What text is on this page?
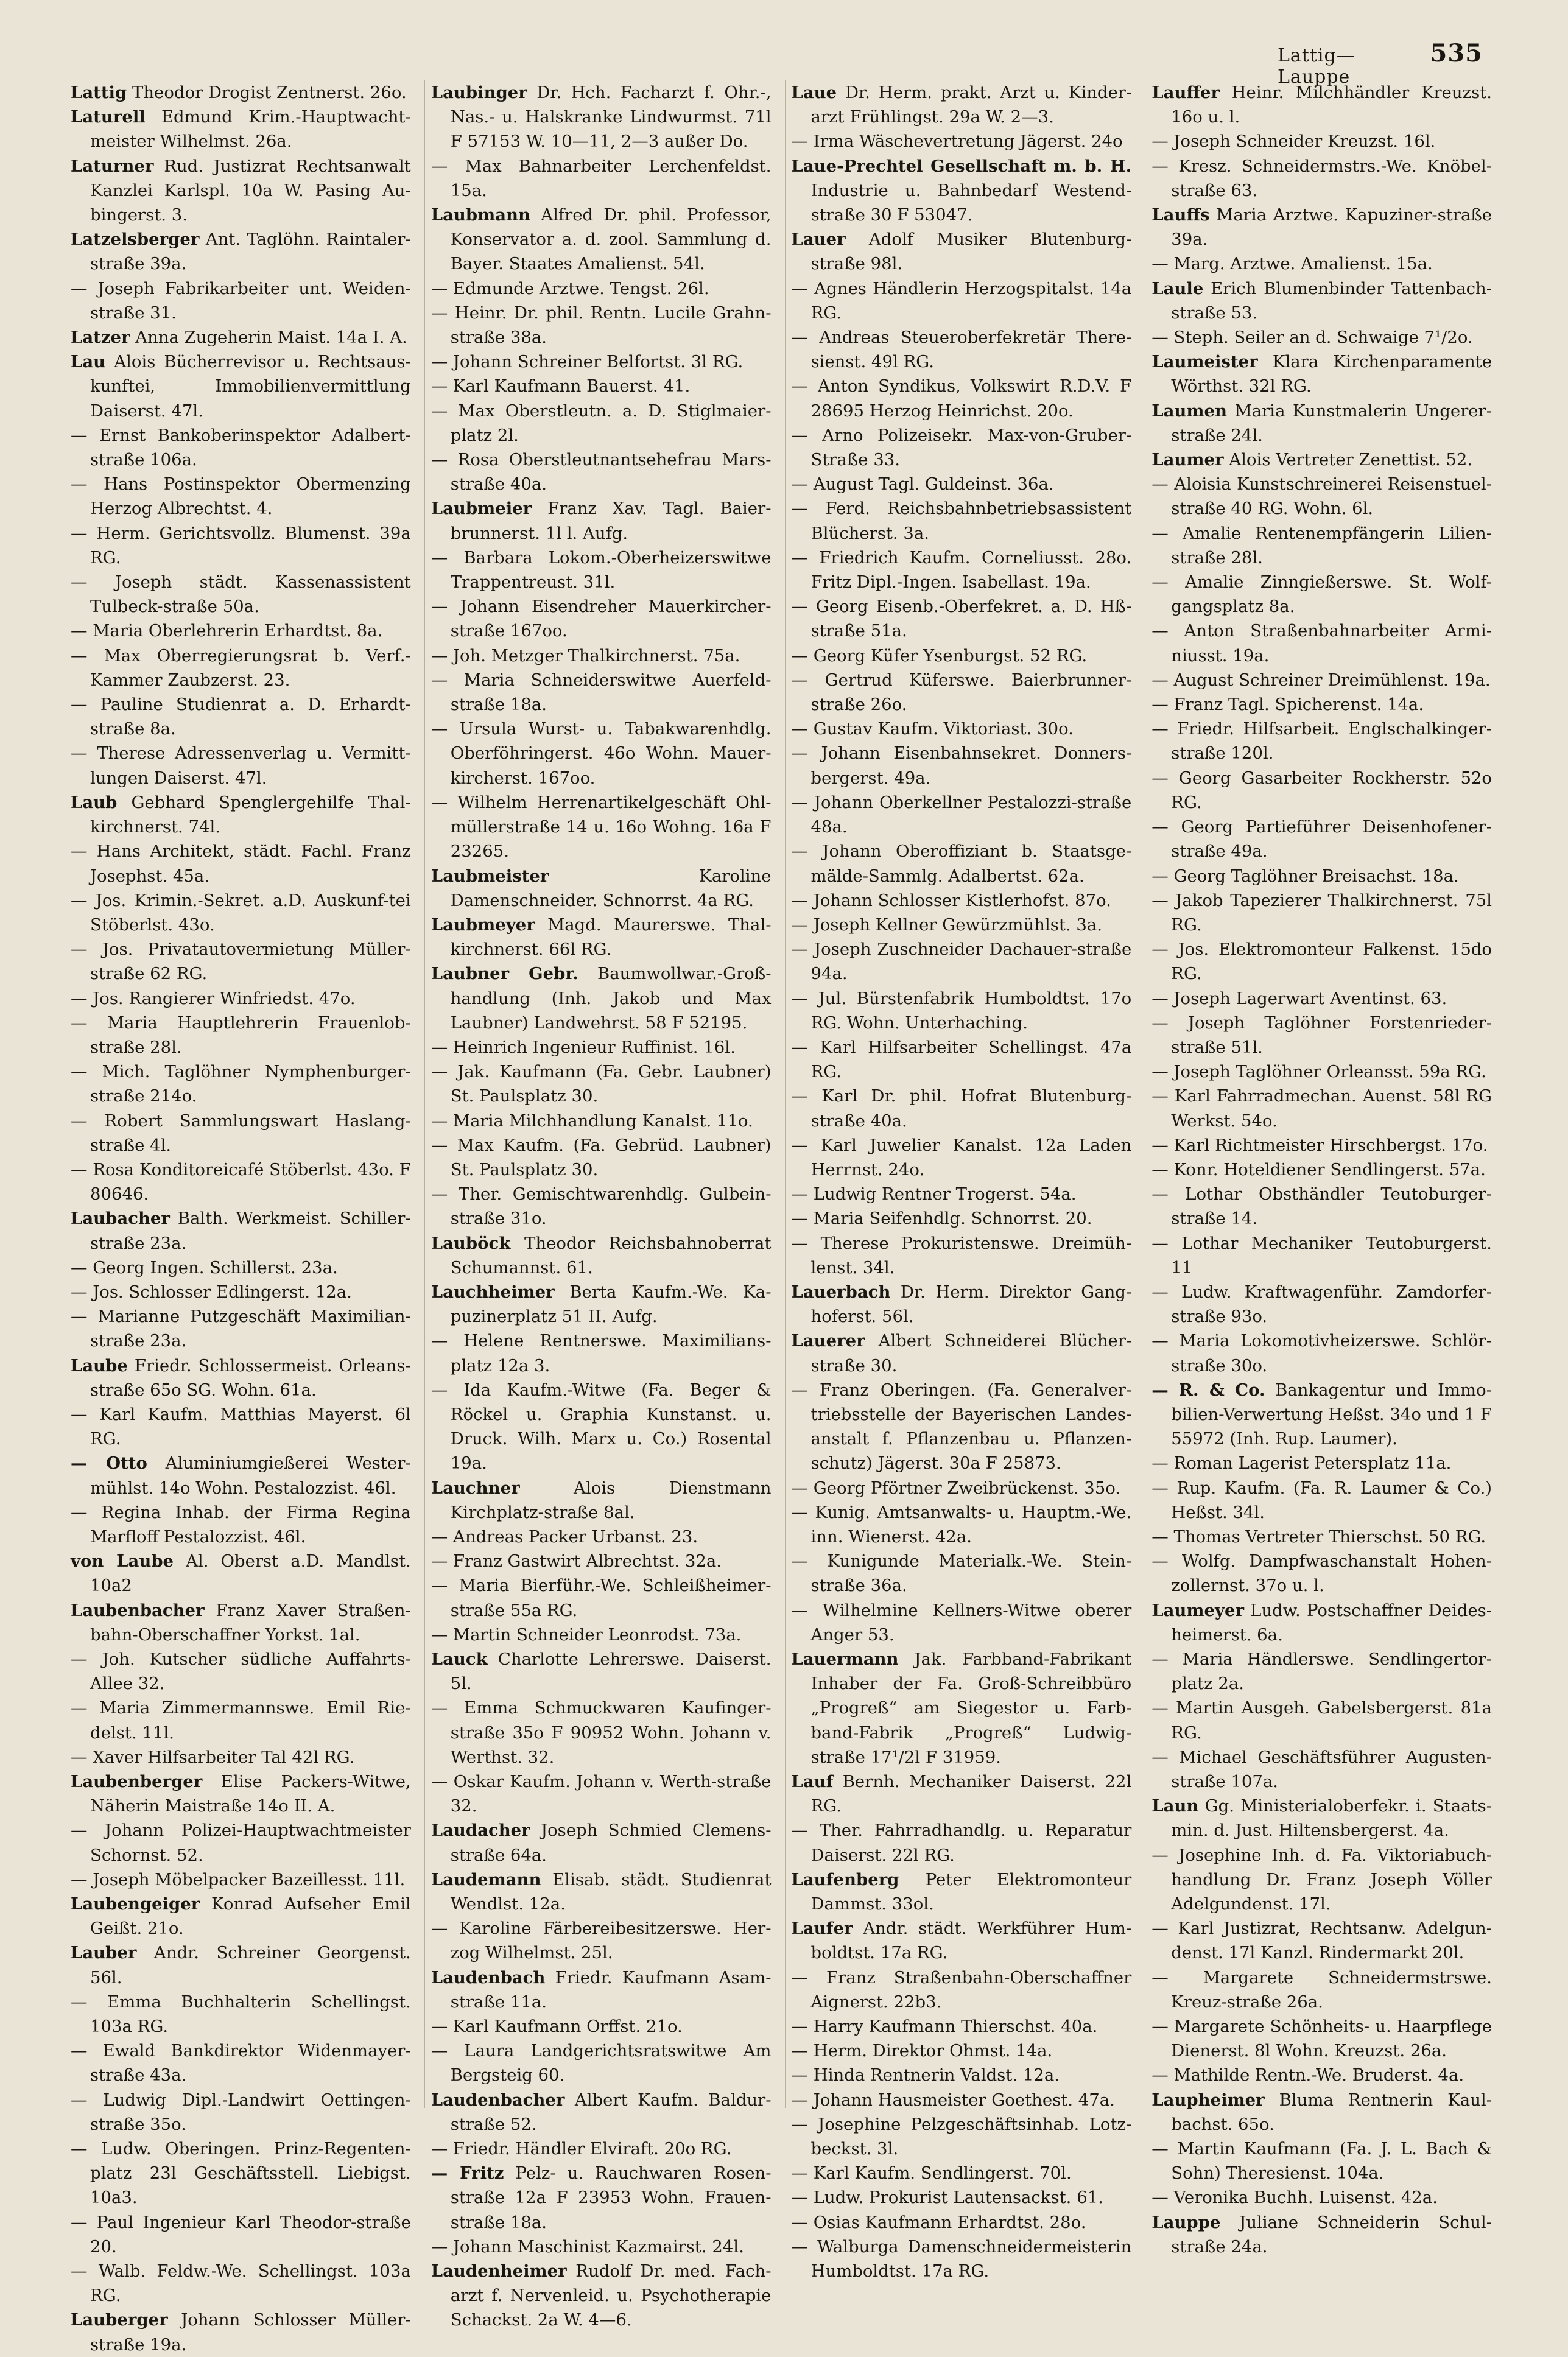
Lattig—Lauppe
535
Lattig Theodor Drogist Zentnerst. 26o.
Laturell Edmund Krim.-Hauptwacht-meister Wilhelmst. 26a.
Laturner Rud. Justizrat Rechtsanwalt Kanzlei Karlspl. 10a W. Pasing Au-bingerst. 3.
Latzelsberger Ant. Taglöhn. Raintaler-straße 39a.
— Joseph Fabrikarbeiter unt. Weiden-straße 31.
Latzer Anna Zugeherin Maist. 14a I. A.
Lau Alois Bücherrevisor u. Rechtsaus-kunftei, Immobilienvermittlung Daiserst. 47l.
— Ernst Bankoberinspektor Adalbert-straße 106a.
— Hans Postinspektor Obermenzing Herzog Albrechtst. 4.
— Herm. Gerichtsvollz. Blumenst. 39a RG.
— Joseph städt. Kassenassistent Tulbeck-straße 50a.
— Maria Oberlehrerin Erhardtst. 8a.
— Max Oberregierungsrat b. Verf.-Kammer Zaubzerst. 23.
— Pauline Studienrat a. D. Erhardt-straße 8a.
— Therese Adressenverlag u. Vermitt-lungen Daiserst. 47l.
Laub Gebhard Spenglergehilfe Thal-kirchnerst. 74l.
— Hans Architekt, städt. Fachl. Franz Josephst. 45a.
— Jos. Krimin.-Sekret. a.D. Auskunf-tei Stöberlst. 43o.
— Jos. Privatautovermietung Müller-straße 62 RG.
— Jos. Rangierer Winfriedst. 47o.
— Maria Hauptlehrerin Frauenlob-straße 28l.
— Mich. Taglöhner Nymphenburger-straße 214o.
— Robert Sammlungswart Haslang-straße 4l.
— Rosa Konditoreicafé Stöberlst. 43o. F 80646.
Laubacher Balth. Werkmeist. Schiller-straße 23a.
— Georg Ingen. Schillerst. 23a.
— Jos. Schlosser Edlingerst. 12a.
— Marianne Putzgeschäft Maximilian-straße 23a.
Laube Friedr. Schlossermeist. Orleans-straße 65o SG. Wohn. 61a.
— Karl Kaufm. Matthias Mayerst. 6l RG.
— Otto Aluminiumgießerei Wester-mühlst. 14o Wohn. Pestalozzist. 46l.
— Regina Inhab. der Firma Regina Marfloff Pestalozzist. 46l.
von Laube Al. Oberst a.D. Mandlst. 10a2
Laubenbacher Franz Xaver Straßen-bahn-Oberschaffner Yorkst. 1al.
— Joh. Kutscher südliche Auffahrts-Allee 32.
— Maria Zimmermannswe. Emil Rie-delst. 11l.
— Xaver Hilfsarbeiter Tal 42l RG.
Laubenberger Elise Packers-Witwe, Näherin Maistraße 14o II. A.
— Johann Polizei-Hauptwachtmeister Schornst. 52.
— Joseph Möbelpacker Bazeillesst. 11l.
Laubengeiger Konrad Aufseher Emil Geißt. 21o.
Lauber Andr. Schreiner Georgenst. 56l.
— Emma Buchhalterin Schellingst. 103a RG.
— Ewald Bankdirektor Widenmayer-straße 43a.
— Ludwig Dipl.-Landwirt Oettingen-straße 35o.
— Ludw. Oberingen. Prinz-Regenten-platz 23l Geschäftsstell. Liebigst. 10a3.
— Paul Ingenieur Karl Theodor-straße 20.
— Walb. Feldw.-We. Schellingst. 103a RG.
Lauberger Johann Schlosser Müller-straße 19a.
Laubinger Dr. Hch. Facharzt f. Ohr.-, Nas.- u. Halskranke Lindwurmst. 71l F 57153 W. 10—11, 2—3 außer Do.
— Max Bahnarbeiter Lerchenfeldst. 15a.
Laubmann Alfred Dr. phil. Professor, Konservator a. d. zool. Sammlung d. Bayer. Staates Amalienst. 54l.
— Edmunde Arztwe. Tengst. 26l.
— Heinr. Dr. phil. Rentn. Lucile Grahn-straße 38a.
— Johann Schreiner Belfortst. 3l RG.
— Karl Kaufmann Bauerst. 41.
— Max Oberstleutn. a. D. Stiglmaier-platz 2l.
— Rosa Oberstleutnantsehefrau Mars-straße 40a.
Laubmeier Franz Xav. Tagl. Baier-brunnerst. 1l l. Aufg.
— Barbara Lokom.-Oberheizerswitwe Trappentreust. 31l.
— Johann Eisendreher Mauerkircher-straße 167oo.
— Joh. Metzger Thalkirchnerst. 75a.
— Maria Schneiderswitwe Auerfeld-straße 18a.
— Ursula Wurst- u. Tabakwarenhdlg. Oberföhringerst. 46o Wohn. Mauer-kircherst. 167oo.
— Wilhelm Herrenartikelgeschäft Ohl-müllerstraße 14 u. 16o Wohng. 16a F 23265.
Laubmeister Karoline Damenschneider. Schnorrst. 4a RG.
Laubmeyer Magd. Maurerswe. Thal-kirchnerst. 66l RG.
Laubner Gebr. Baumwollwar.-Groß-handlung (Inh. Jakob und Max Laubner) Landwehrst. 58 F 52195.
— Heinrich Ingenieur Ruffinist. 16l.
— Jak. Kaufmann (Fa. Gebr. Laubner) St. Paulsplatz 30.
— Maria Milchhandlung Kanalst. 11o.
— Max Kaufm. (Fa. Gebrüd. Laubner) St. Paulsplatz 30.
— Ther. Gemischtwarenhdlg. Gulbein-straße 31o.
Lauböck Theodor Reichsbahnoberrat Schumannst. 61.
Lauchheimer Berta Kaufm.-We. Ka-puzinerplatz 51 II. Aufg.
— Helene Rentnerswe. Maximilians-platz 12a 3.
— Ida Kaufm.-Witwe (Fa. Beger & Röckel u. Graphia Kunstanst. u. Druck. Wilh. Marx u. Co.) Rosental 19a.
Lauchner Alois Dienstmann Kirchplatz-straße 8al.
— Andreas Packer Urbanst. 23.
— Franz Gastwirt Albrechtst. 32a.
— Maria Bierführ.-We. Schleißheimer-straße 55a RG.
— Martin Schneider Leonrodst. 73a.
Lauck Charlotte Lehrerswe. Daiserst. 5l.
— Emma Schmuckwaren Kaufinger-straße 35o F 90952 Wohn. Johann v. Werthst. 32.
— Oskar Kaufm. Johann v. Werth-straße 32.
Laudacher Joseph Schmied Clemens-straße 64a.
Laudemann Elisab. städt. Studienrat Wendlst. 12a.
— Karoline Färbereibesitzerswe. Her-zog Wilhelmst. 25l.
Laudenbach Friedr. Kaufmann Asam-straße 11a.
— Karl Kaufmann Orffst. 21o.
— Laura Landgerichtsratswitwe Am Bergsteig 60.
Laudenbacher Albert Kaufm. Baldur-straße 52.
— Friedr. Händler Elviraft. 20o RG.
— Fritz Pelz- u. Rauchwaren Rosen-straße 12a F 23953 Wohn. Frauen-straße 18a.
— Johann Maschinist Kazmairst. 24l.
Laudenheimer Rudolf Dr. med. Fach-arzt f. Nervenleid. u. Psychotherapie Schackst. 2a W. 4—6.
Laue Dr. Herm. prakt. Arzt u. Kinder-arzt Frühlingst. 29a W. 2—3.
— Irma Wäschevertretung Jägerst. 24o
Laue-Prechtel Gesellschaft m. b. H. Industrie u. Bahnbedarf Westend-straße 30 F 53047.
Lauer Adolf Musiker Blutenburg-straße 98l.
— Agnes Händlerin Herzogspitalst. 14a RG.
— Andreas Steueroberfekretär There-sienst. 49l RG.
— Anton Syndikus, Volkswirt R.D.V. F 28695 Herzog Heinrichst. 20o.
— Arno Polizeisekr. Max-von-Gruber-Straße 33.
— August Tagl. Guldeinst. 36a.
— Ferd. Reichsbahnbetriebsassistent Blücherst. 3a.
— Friedrich Kaufm. Corneliusst. 28o. Fritz Dipl.-Ingen. Isabellast. 19a.
— Georg Eisenb.-Oberfekret. a. D. Hß-straße 51a.
— Georg Küfer Ysenburgst. 52 RG.
— Gertrud Küferswe. Baierbrunner-straße 26o.
— Gustav Kaufm. Viktoriast. 30o.
— Johann Eisenbahnsekret. Donners-bergerst. 49a.
— Johann Oberkellner Pestalozzi-straße 48a.
— Johann Oberoffiziant b. Staatsge-mälde-Sammlg. Adalbertst. 62a.
— Johann Schlosser Kistlerhofst. 87o.
— Joseph Kellner Gewürzmühlst. 3a.
— Joseph Zuschneider Dachauer-straße 94a.
— Jul. Bürstenfabrik Humboldtst. 17o RG. Wohn. Unterhaching.
— Karl Hilfsarbeiter Schellingst. 47a RG.
— Karl Dr. phil. Hofrat Blutenburg-straße 40a.
— Karl Juwelier Kanalst. 12a Laden Herrnst. 24o.
— Ludwig Rentner Trogerst. 54a.
— Maria Seifenhdlg. Schnorrst. 20.
— Therese Prokuristenswe. Dreimüh-lenst. 34l.
Lauerbach Dr. Herm. Direktor Gang-hoferst. 56l.
Lauerer Albert Schneiderei Blücher-straße 30.
— Franz Oberingen. (Fa. Generalver-triebsstelle der Bayerischen Landes-anstalt f. Pflanzenbau u. Pflanzen-schutz) Jägerst. 30a F 25873.
— Georg Pförtner Zweibrückenst. 35o.
— Kunig. Amtsanwalts- u. Hauptm.-We. inn. Wienerst. 42a.
— Kunigunde Materialk.-We. Stein-straße 36a.
— Wilhelmine Kellners-Witwe oberer Anger 53.
Lauermann Jak. Farbband-Fabrikant Inhaber der Fa. Groß-Schreibbüro „Progreß“ am Siegestor u. Farb-band-Fabrik „Progreß“ Ludwig-straße 17¹/2l F 31959.
Lauf Bernh. Mechaniker Daiserst. 22l RG.
— Ther. Fahrradhandlg. u. Reparatur Daiserst. 22l RG.
Laufenberg Peter Elektromonteur Dammst. 33ol.
Laufer Andr. städt. Werkführer Hum-boldtst. 17a RG.
— Franz Straßenbahn-Oberschaffner Aignerst. 22b3.
— Harry Kaufmann Thierschst. 40a.
— Herm. Direktor Ohmst. 14a.
— Hinda Rentnerin Valdst. 12a.
— Johann Hausmeister Goethest. 47a.
— Josephine Pelzgeschäftsinhab. Lotz-beckst. 3l.
— Karl Kaufm. Sendlingerst. 70l.
— Ludw. Prokurist Lautensackst. 61.
— Osias Kaufmann Erhardtst. 28o.
— Walburga Damenschneidermeisterin Humboldtst. 17a RG.
Lauffer Heinr. Milchhändler Kreuzst. 16o u. l.
— Joseph Schneider Kreuzst. 16l.
— Kresz. Schneidermstrs.-We. Knöbel-straße 63.
Lauffs Maria Arztwe. Kapuziner-straße 39a.
— Marg. Arztwe. Amalienst. 15a.
Laule Erich Blumenbinder Tattenbach-straße 53.
— Steph. Seiler an d. Schwaige 7¹/2o.
Laumeister Klara Kirchenparamente Wörthst. 32l RG.
Laumen Maria Kunstmalerin Ungerer-straße 24l.
Laumer Alois Vertreter Zenettist. 52.
— Aloisia Kunstschreinerei Reisenstuel-straße 40 RG. Wohn. 6l.
— Amalie Rentenempfängerin Lilien-straße 28l.
— Amalie Zinngießerswe. St. Wolf-gangsplatz 8a.
— Anton Straßenbahnarbeiter Armi-niusst. 19a.
— August Schreiner Dreimühlenst. 19a.
— Franz Tagl. Spicherenst. 14a.
— Friedr. Hilfsarbeit. Englschalkinger-straße 120l.
— Georg Gasarbeiter Rockherstr. 52o RG.
— Georg Partieführer Deisenhofener-straße 49a.
— Georg Taglöhner Breisachst. 18a.
— Jakob Tapezierer Thalkirchnerst. 75l RG.
— Jos. Elektromonteur Falkenst. 15do RG.
— Joseph Lagerwart Aventinst. 63.
— Joseph Taglöhner Forstenrieder-straße 51l.
— Joseph Taglöhner Orleansst. 59a RG.
— Karl Fahrradmechan. Auenst. 58l RG Werkst. 54o.
— Karl Richtmeister Hirschbergst. 17o.
— Konr. Hoteldiener Sendlingerst. 57a.
— Lothar Obsthändler Teutoburger-straße 14.
— Lothar Mechaniker Teutoburgerst. 11
— Ludw. Kraftwagenführ. Zamdorfer-straße 93o.
— Maria Lokomotivheizerswe. Schlör-straße 30o.
— R. & Co. Bankagentur und Immo-bilien-Verwertung Heßst. 34o und 1 F 55972 (Inh. Rup. Laumer).
— Roman Lagerist Petersplatz 11a.
— Rup. Kaufm. (Fa. R. Laumer & Co.) Heßst. 34l.
— Thomas Vertreter Thierschst. 50 RG.
— Wolfg. Dampfwaschanstalt Hohen-zollernst. 37o u. l.
Laumeyer Ludw. Postschaffner Deides-heimerst. 6a.
— Maria Händlerswe. Sendlingertor-platz 2a.
— Martin Ausgeh. Gabelsbergerst. 81a RG.
— Michael Geschäftsführer Augusten-straße 107a.
Laun Gg. Ministerialoberfekr. i. Staats-min. d. Just. Hiltensbergerst. 4a.
— Josephine Inh. d. Fa. Viktoriabuch-handlung Dr. Franz Joseph Völler Adelgundenst. 17l.
— Karl Justizrat, Rechtsanw. Adelgun-denst. 17l Kanzl. Rindermarkt 20l.
— Margarete Schneidermstrswe. Kreuz-straße 26a.
— Margarete Schönheits- u. Haarpflege Dienerst. 8l Wohn. Kreuzst. 26a.
— Mathilde Rentn.-We. Bruderst. 4a.
Laupheimer Bluma Rentnerin Kaul-bachst. 65o.
— Martin Kaufmann (Fa. J. L. Bach & Sohn) Theresienst. 104a.
— Veronika Buchh. Luisenst. 42a.
Lauppe Juliane Schneiderin Schul-straße 24a.
